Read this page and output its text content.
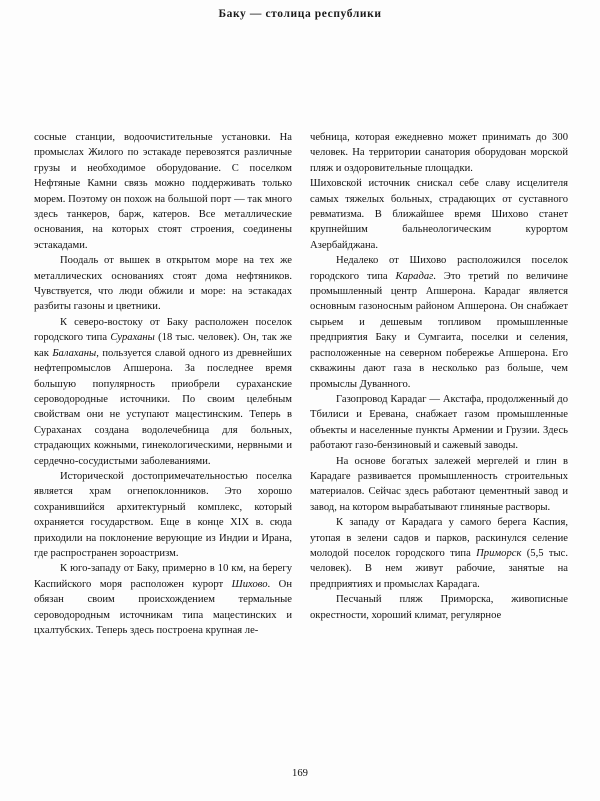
Баку — столица республики

сосные станции, водоочистительные установки. На промыслах Жилого по эстакаде перевозятся различные грузы и необходимое оборудование. С поселком Нефтяные Камни связь можно поддерживать только морем. Поэтому он похож на большой порт — так много здесь танкеров, барж, катеров. Все металлические основания, на которых стоят строения, соединены эстакадами.

Поодаль от вышек в открытом море на тех же металлических основаниях стоят дома нефтяников. Чувствуется, что люди обжили и море: на эстакадах разбиты газоны и цветники.

К северо-востоку от Баку расположен поселок городского типа Сураханы (18 тыс. человек). Он, так же как Балаханы, пользуется славой одного из древнейших нефтепромыслов Апшерона. За последнее время большую популярность приобрели сураханские сероводородные источники. По своим целебным свойствам они не уступают мацестинским. Теперь в Сураханах создана водолечебница для больных, страдающих кожными, гинекологическими, нервными и сердечно-сосудистыми заболеваниями.

Исторической достопримечательностью поселка является храм огнепоклонников. Это хорошо сохранившийся архитектурный комплекс, который охраняется государством. Еще в конце XIX в. сюда приходили на поклонение верующие из Индии и Ирана, где распространен зороастризм.

К юго-западу от Баку, примерно в 10 км, на берегу Каспийского моря расположен курорт Шихово. Он обязан своим происхождением термальные сероводородным источникам типа мацестинских и цхалтубских. Теперь здесь построена крупная ле-

чебница, которая ежедневно может принимать до 300 человек. На территории санатория оборудован морской пляж и оздоровительные площадки.

Шиховской источник снискал себе славу исцелителя самых тяжелых больных, страдающих от суставного ревматизма. В ближайшее время Шихово станет крупнейшим бальнеологическим курортом Азербайджана.

Недалеко от Шихово расположился поселок городского типа Карадаг. Это третий по величине промышленный центр Апшерона. Карадаг является основным газоносным районом Апшерона. Он снабжает сырьем и дешевым топливом промышленные предприятия Баку и Сумгаита, поселки и селения, расположенные на северном побережье Апшерона. Его скважины дают газа в несколько раз больше, чем промыслы Дуванного.

Газопровод Карадаг — Акстафа, продолженный до Тбилиси и Еревана, снабжает газом промышленные объекты и населенные пункты Армении и Грузии. Здесь работают газо-бензиновый и сажевый заводы.

На основе богатых залежей мергелей и глин в Карадаге развивается промышленность строительных материалов. Сейчас здесь работают цементный завод и завод, на котором вырабатывают глиняные растворы.

К западу от Карадага у самого берега Каспия, утопая в зелени садов и парков, раскинулся селение молодой поселок городского типа Приморск (5,5 тыс. человек). В нем живут рабочие, занятые на предприятиях и промыслах Карадага.

Песчаный пляж Приморска, живописные окрестности, хороший климат, регулярное

169
